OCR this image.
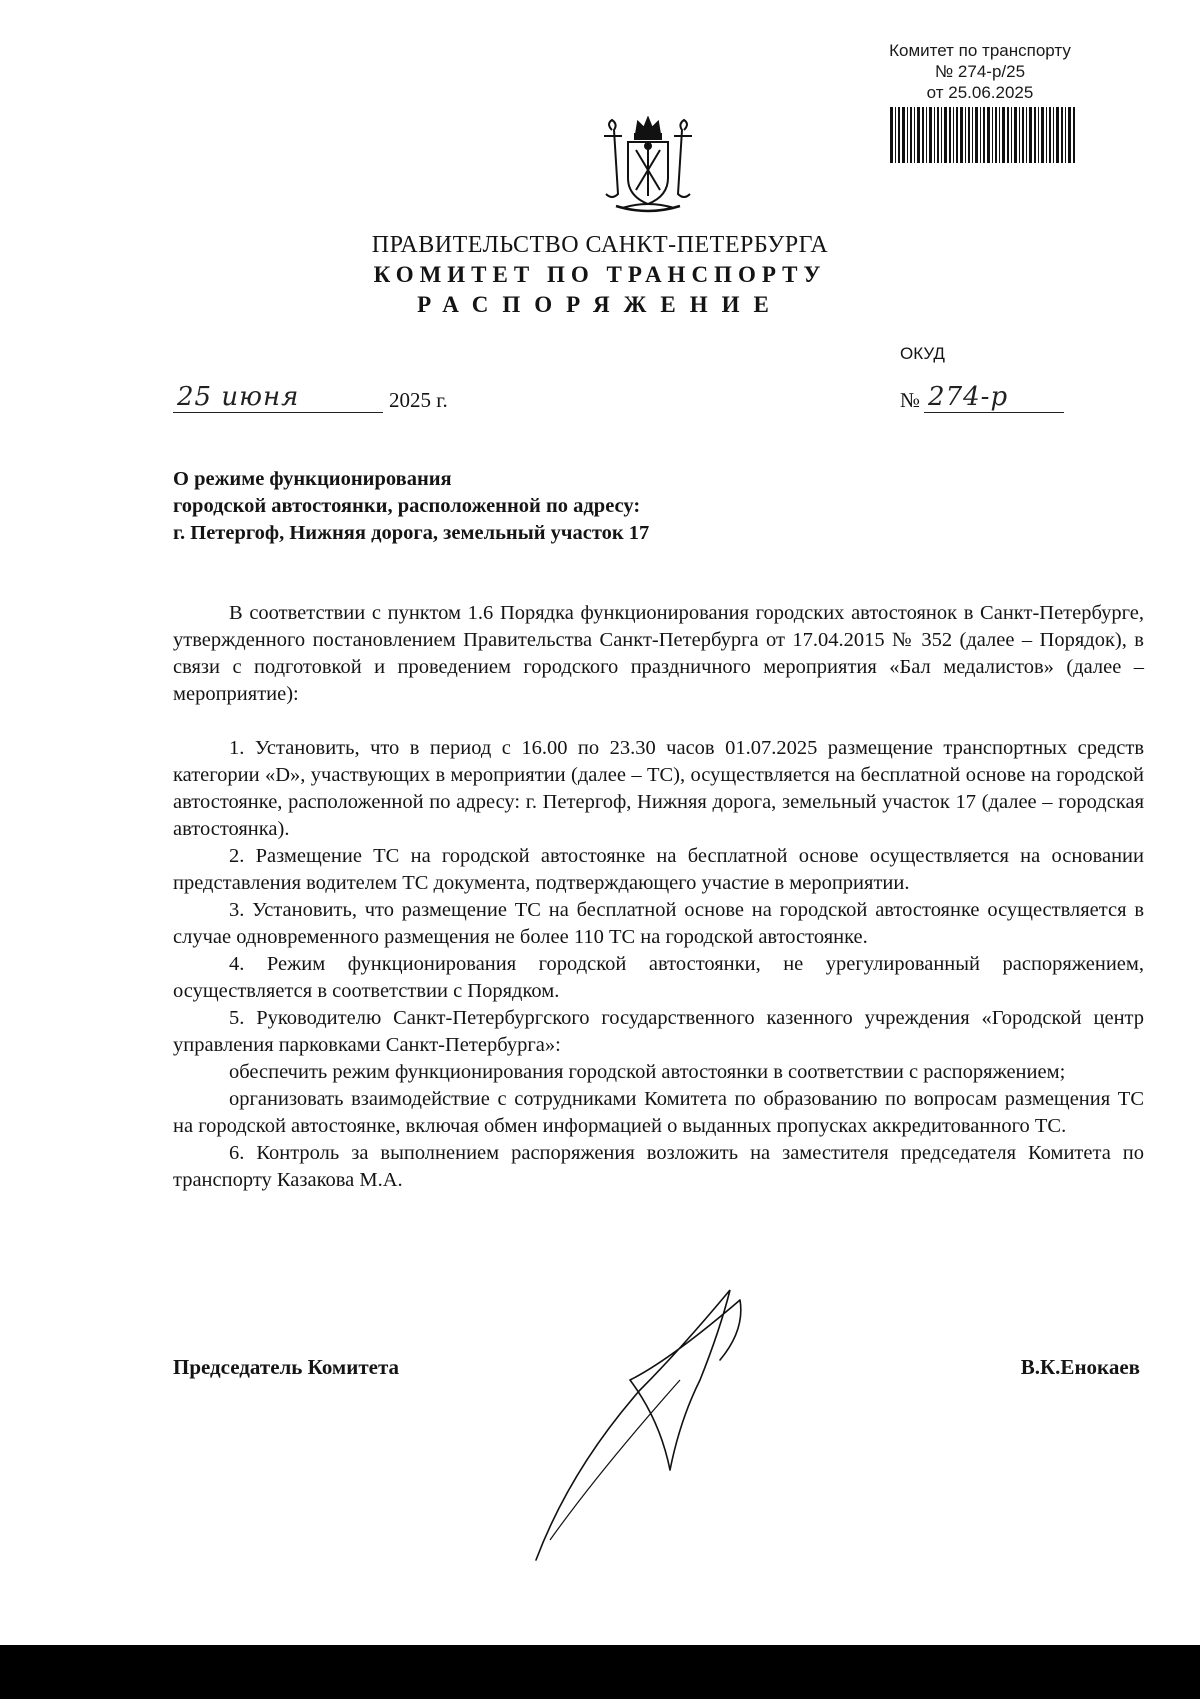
Комитет по транспорту
№ 274-р/25
от 25.06.2025
ПРАВИТЕЛЬСТВО САНКТ-ПЕТЕРБУРГА
КОМИТЕТ ПО ТРАНСПОРТУ
РАСПОРЯЖЕНИЕ
ОКУД
25 июня	2025 г.	№ 274-р
О режиме функционирования
городской автостоянки, расположенной по адресу:
г. Петергоф, Нижняя дорога, земельный участок 17

В соответствии с пунктом 1.6 Порядка функционирования городских автостоянок в Санкт-Петербурге, утвержденного постановлением Правительства Санкт-Петербурга от 17.04.2015 № 352 (далее – Порядок), в связи с подготовкой и проведением городского праздничного мероприятия «Бал медалистов» (далее – мероприятие):

1. Установить, что в период с 16.00 по 23.30 часов 01.07.2025 размещение транспортных средств категории «D», участвующих в мероприятии (далее – ТС), осуществляется на бесплатной основе на городской автостоянке, расположенной по адресу: г. Петергоф, Нижняя дорога, земельный участок 17 (далее – городская автостоянка).

2. Размещение ТС на городской автостоянке на бесплатной основе осуществляется на основании представления водителем ТС документа, подтверждающего участие в мероприятии.

3. Установить, что размещение ТС на бесплатной основе на городской автостоянке осуществляется в случае одновременного размещения не более 110 ТС на городской автостоянке.

4. Режим функционирования городской автостоянки, не урегулированный распоряжением, осуществляется в соответствии с Порядком.

5. Руководителю Санкт-Петербургского государственного казенного учреждения «Городской центр управления парковками Санкт-Петербурга»:

обеспечить режим функционирования городской автостоянки в соответствии с распоряжением;

организовать взаимодействие с сотрудниками Комитета по образованию по вопросам размещения ТС на городской автостоянке, включая обмен информацией о выданных пропусках аккредитованного ТС.

6. Контроль за выполнением распоряжения возложить на заместителя председателя Комитета по транспорту Казакова М.А.

Председатель Комитета	В.К.Енокаев
